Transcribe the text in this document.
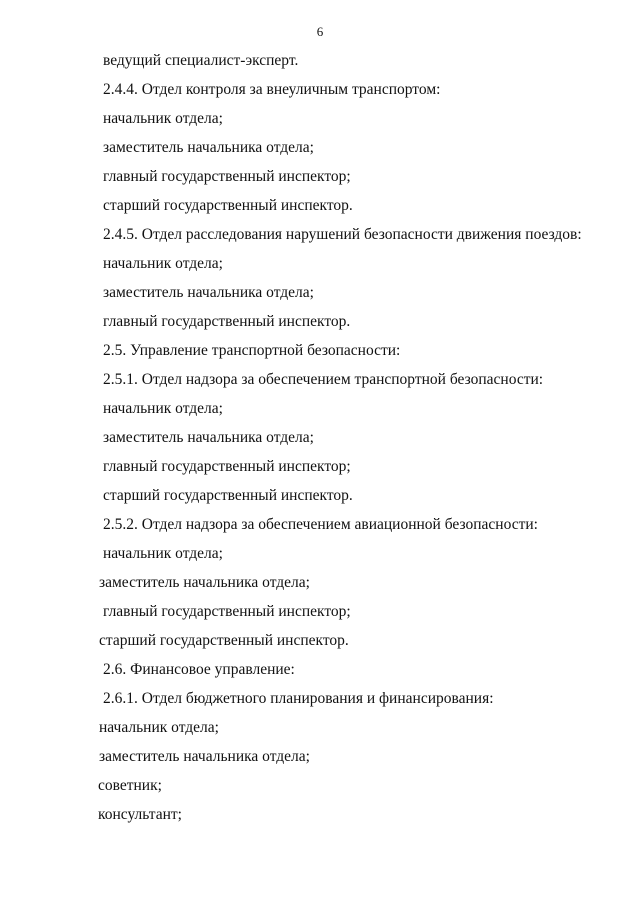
6
ведущий специалист-эксперт.
2.4.4. Отдел контроля за внеуличным транспортом:
начальник отдела;
заместитель начальника отдела;
главный государственный инспектор;
старший государственный инспектор.
2.4.5. Отдел расследования нарушений безопасности движения поездов:
начальник отдела;
заместитель начальника отдела;
главный государственный инспектор.
2.5. Управление транспортной безопасности:
2.5.1. Отдел надзора за обеспечением транспортной безопасности:
начальник отдела;
заместитель начальника отдела;
главный государственный инспектор;
старший государственный инспектор.
2.5.2. Отдел надзора за обеспечением авиационной безопасности:
начальник отдела;
заместитель начальника отдела;
главный государственный инспектор;
старший государственный инспектор.
2.6. Финансовое управление:
2.6.1. Отдел бюджетного планирования и финансирования:
начальник отдела;
заместитель начальника отдела;
советник;
консультант;
